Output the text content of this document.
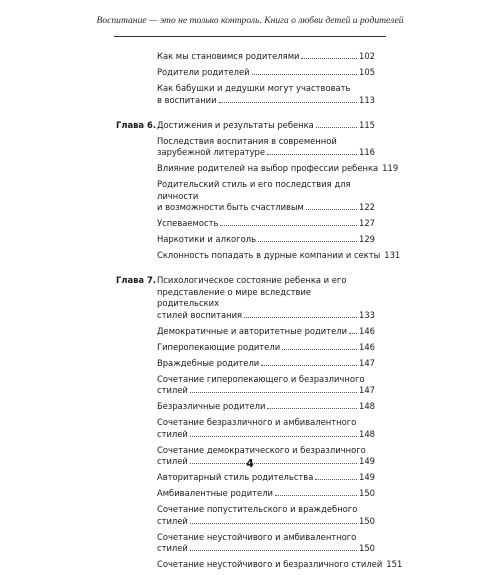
Воспитание — это не только контроль. Книга о любви детей и родителей
Как мы становимся родителями	102
Родители родителей	105
Как бабушки и дедушки могут участвовать
в воспитании	113
Глава 6. Достижения и результаты ребенка	115
Последствия воспитания в современной
зарубежной литературе	116
Влияние родителей на выбор профессии ребенка 119
Родительский стиль и его последствия для личности
и возможности быть счастливым	122
Успеваемость	127
Наркотики и алкоголь	129
Склонность попадать в дурные компании и секты 131
Глава 7. Психологическое состояние ребенка и его
представление о мире вследствие родительских
стилей воспитания	133
Демократичные и авторитетные родители 146
Гиперопекающие родители	146
Враждебные родители	147
Сочетание гиперопекающего и безразличного
стилей	147
Безразличные родители	148
Сочетание безразличного и амбивалентного
стилей	148
Сочетание демократического и безразличного
стилей	149
Авторитарный стиль родительства	149
Амбивалентные родители	150
Сочетание попустительского и враждебного
стилей	150
Сочетание неустойчивого и амбивалентного
стилей	150
Сочетание неустойчивого и безразличного стилей 151
4
